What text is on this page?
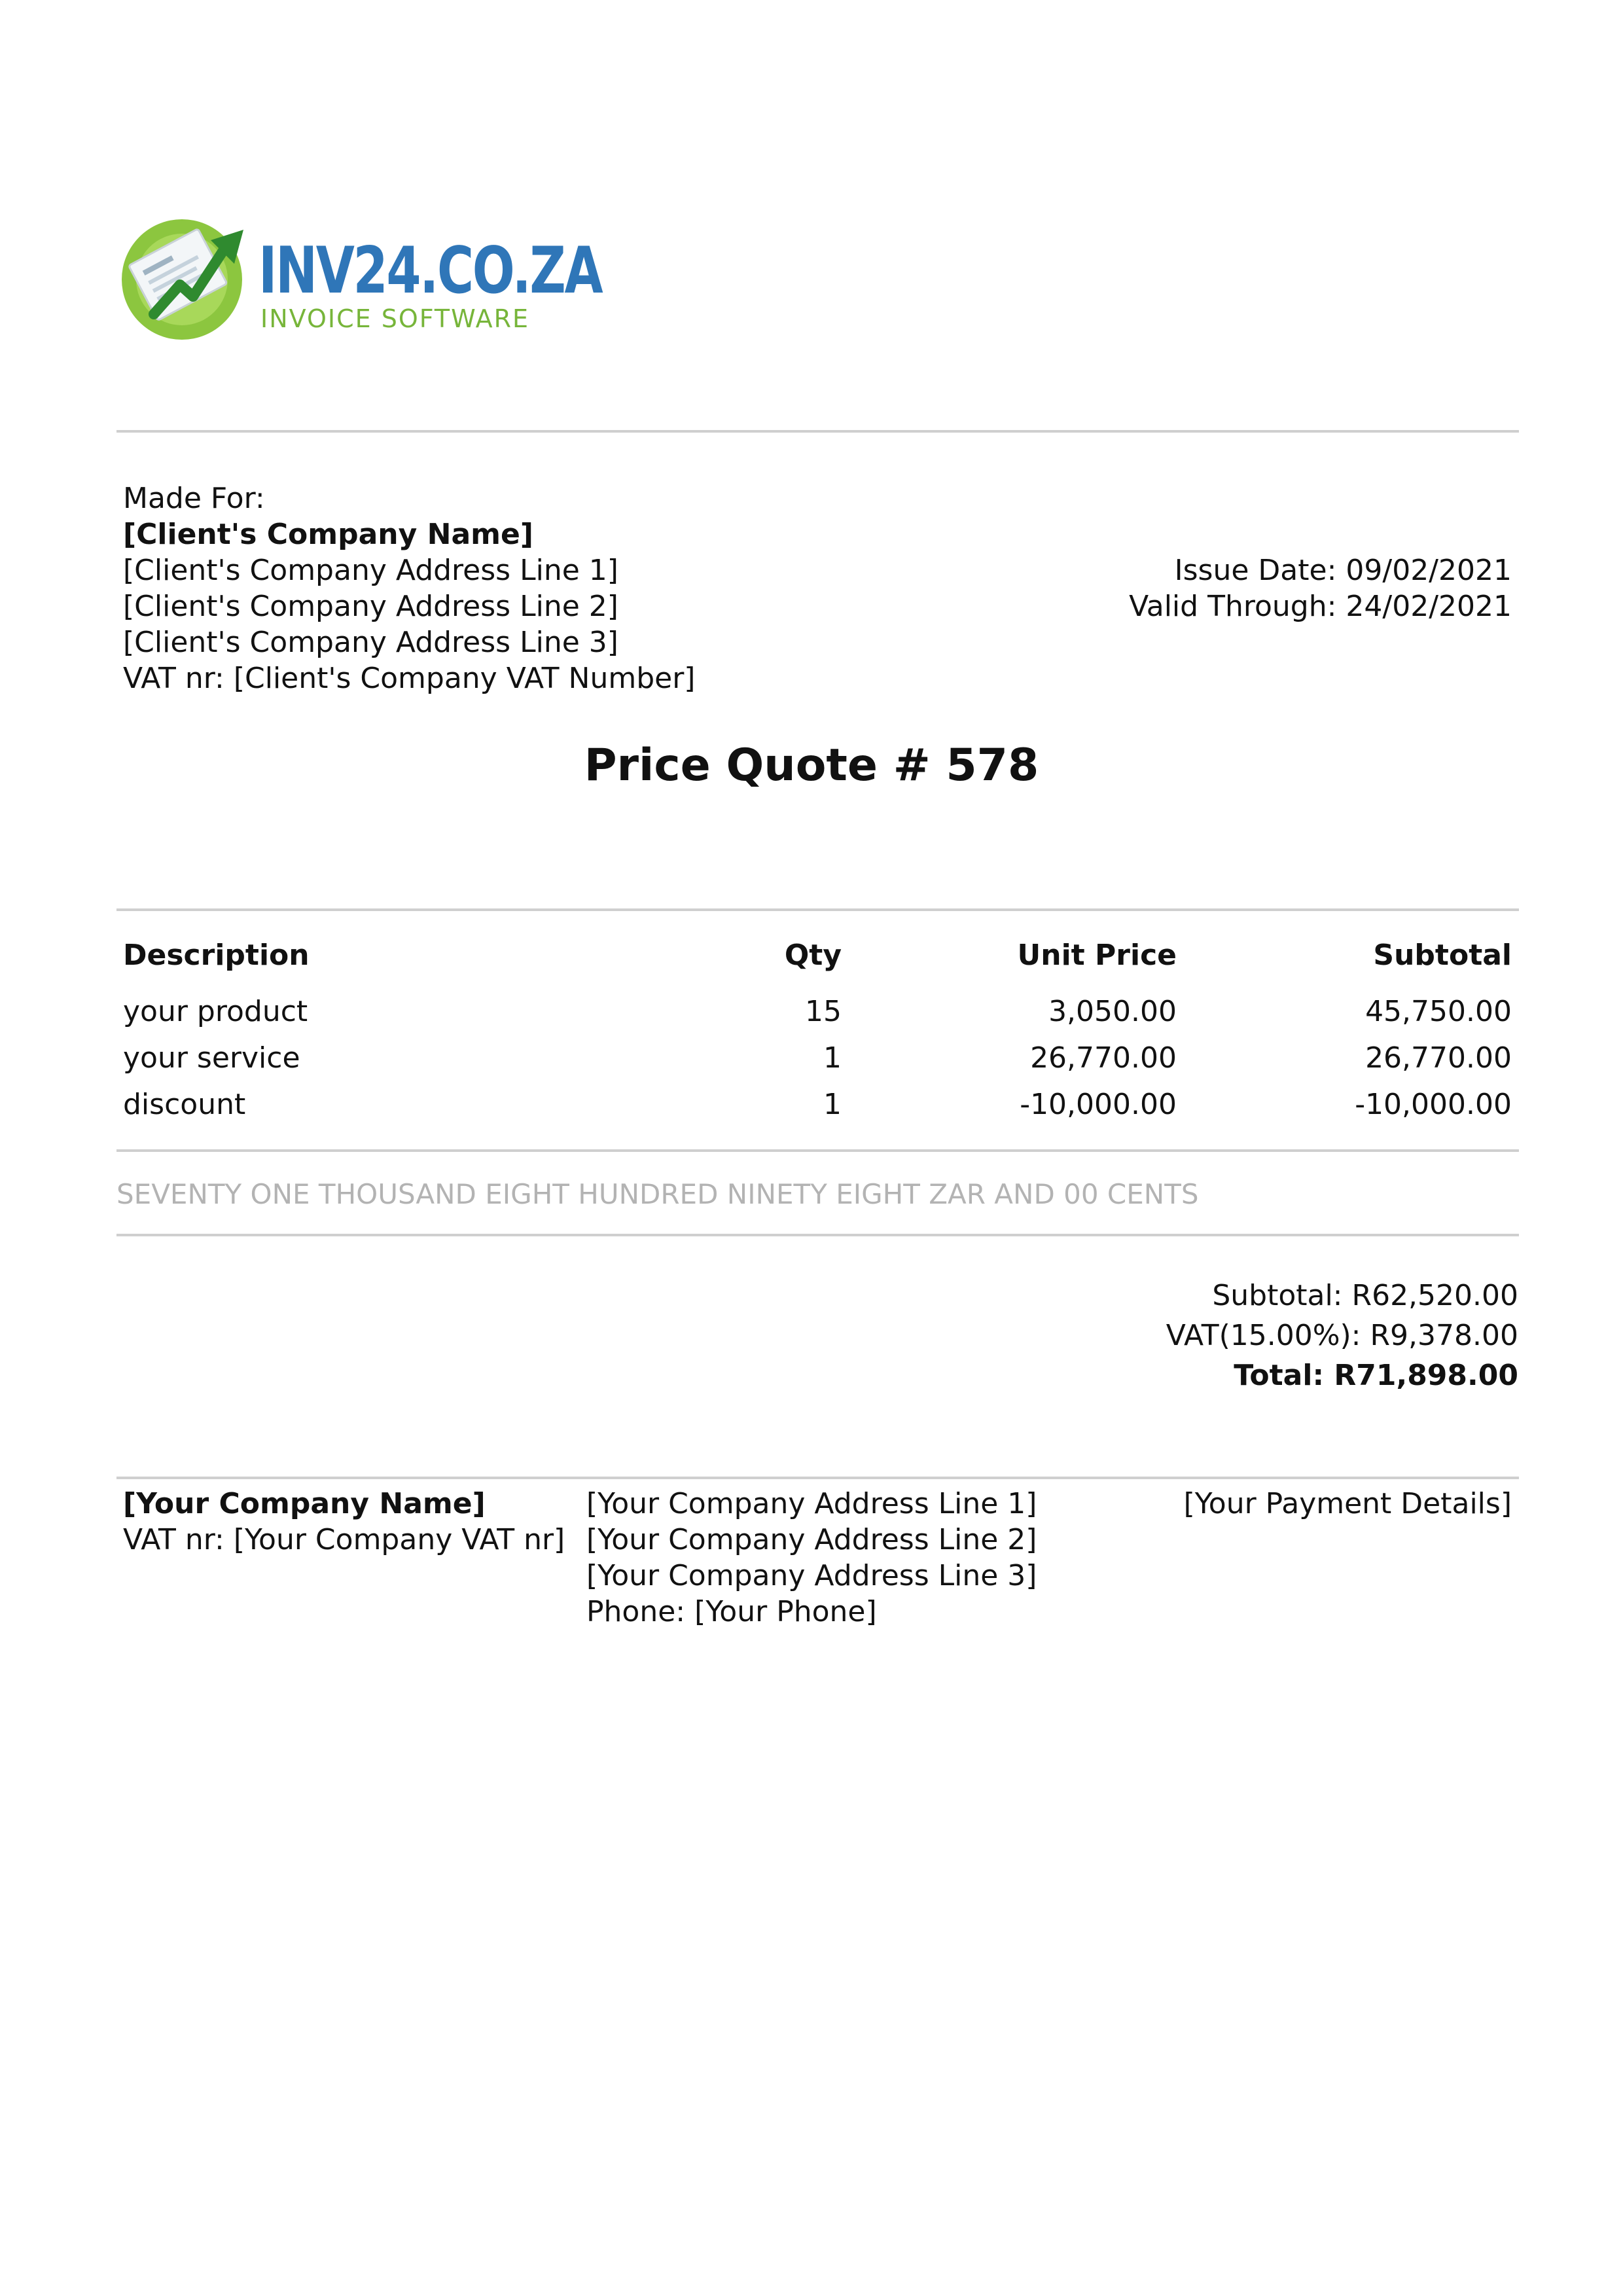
INV24.CO.ZA
INVOICE SOFTWARE
Made For:
[Client's Company Name]
[Client's Company Address Line 1]
[Client's Company Address Line 2]
[Client's Company Address Line 3]
VAT nr: [Client's Company VAT Number]
Issue Date: 09/02/2021
Valid Through: 24/02/2021
Price Quote # 578
Description	Qty	Unit Price	Subtotal
your product	15	3,050.00	45,750.00
your service	1	26,770.00	26,770.00
discount	1	-10,000.00	-10,000.00
SEVENTY ONE THOUSAND EIGHT HUNDRED NINETY EIGHT ZAR AND 00 CENTS
Subtotal: R62,520.00
VAT(15.00%): R9,378.00
Total: R71,898.00
[Your Company Name]
VAT nr: [Your Company VAT nr]
[Your Company Address Line 1]
[Your Company Address Line 2]
[Your Company Address Line 3]
Phone: [Your Phone]
[Your Payment Details]
